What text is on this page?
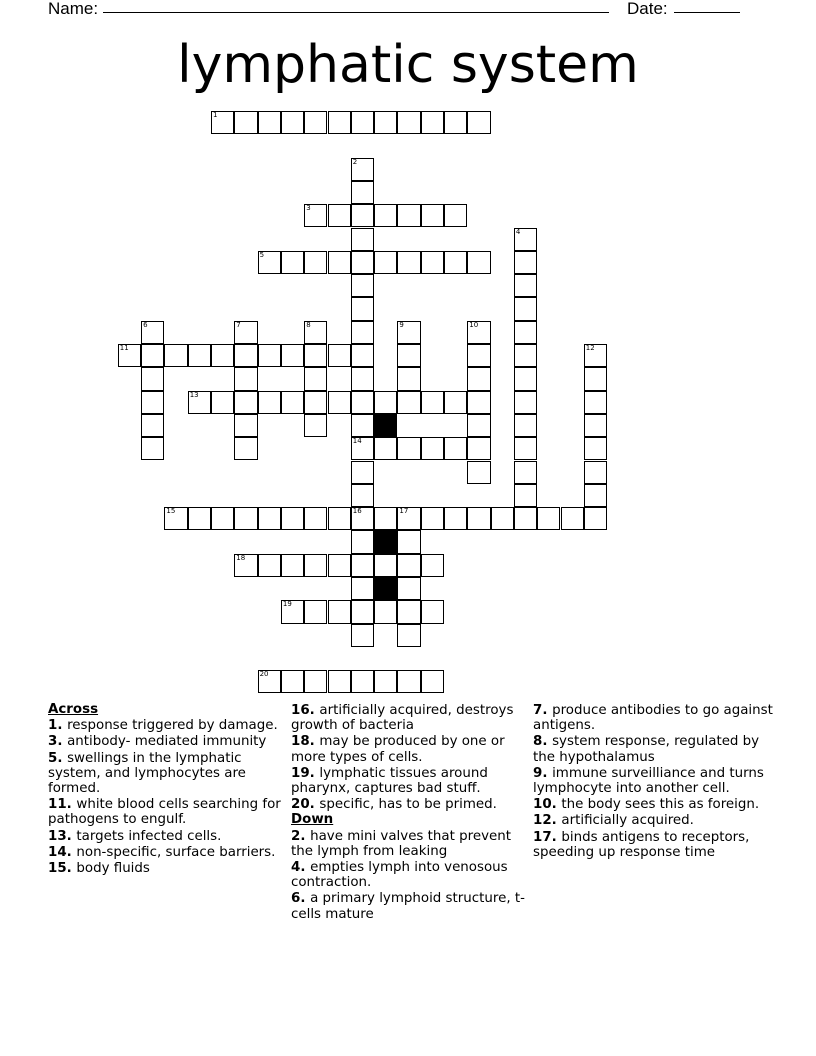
Name:	Date:
lymphatic system
1
2
14
16
3
4
5
6	7	8	9	10
11	12
13
15	17
18
19
20
Across
1. response triggered by damage.
3. antibody- mediated immunity
5. swellings in the lymphatic system, and lymphocytes are formed.
11. white blood cells searching for pathogens to engulf.
13. targets infected cells.
14. non-specific, surface barriers.
15. body fluids
16. artificially acquired, destroys growth of bacteria
18. may be produced by one or more types of cells.
19. lymphatic tissues around pharynx, captures bad stuff.
20. specific, has to be primed.
Down
2. have mini valves that prevent the lymph from leaking
4. empties lymph into venosous contraction.
6. a primary lymphoid structure, t-cells mature
7. produce antibodies to go against antigens.
8. system response, regulated by the hypothalamus
9. immune surveilliance and turns lymphocyte into another cell.
10. the body sees this as foreign.
12. artificially acquired.
17. binds antigens to receptors, speeding up response time
